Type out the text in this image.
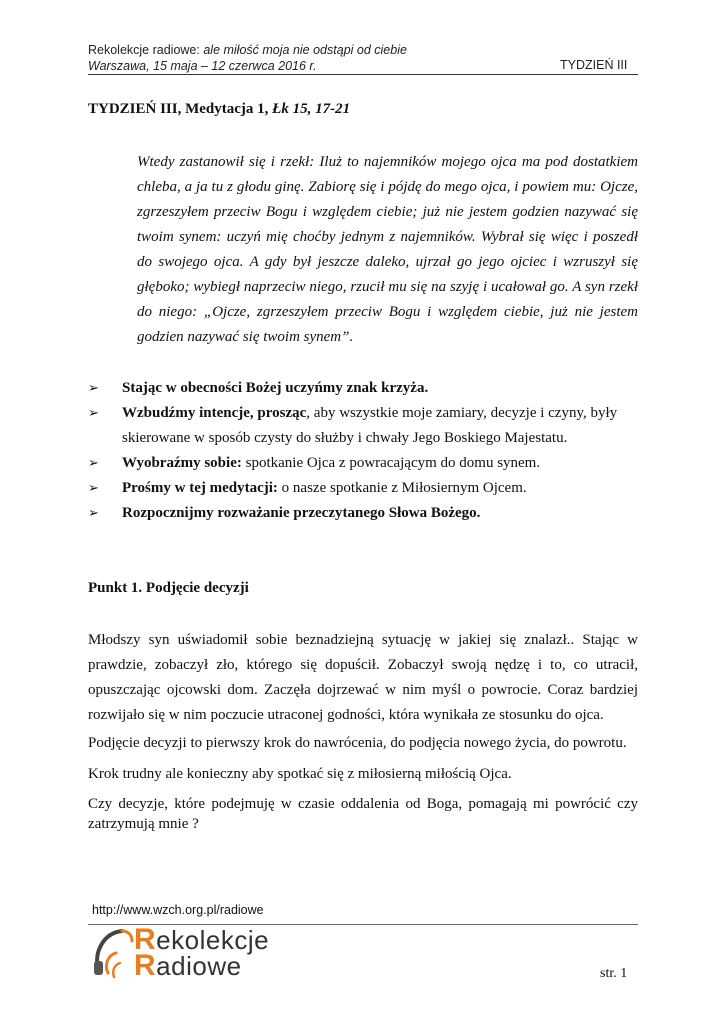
Rekolekcje radiowe: ale miłość moja nie odstąpi od ciebie
Warszawa, 15 maja – 12 czerwca 2016 r.	TYDZIEŃ III
TYDZIEŃ III, Medytacja 1, Łk 15, 17-21
Wtedy zastanowił się i rzekł: Iluż to najemników mojego ojca ma pod dostatkiem chleba, a ja tu z głodu ginę. Zabiorę się i pójdę do mego ojca, i powiem mu: Ojcze, zgrzeszyłem przeciw Bogu i względem ciebie; już nie jestem godzien nazywać się twoim synem: uczyń mię choćby jednym z najemników. Wybrał się więc i poszedł do swojego ojca. A gdy był jeszcze daleko, ujrzał go jego ojciec i wzruszył się głęboko; wybiegł naprzeciw niego, rzucił mu się na szyję i ucałował go. A syn rzekł do niego: „Ojcze, zgrzeszyłem przeciw Bogu i względem ciebie, już nie jestem godzien nazywać się twoim synem”.
➢ Stając w obecności Bożej uczyńmy znak krzyża.
➢ Wzbudźmy intencje, prosząc, aby wszystkie moje zamiary, decyzje i czyny, były skierowane w sposób czysty do służby i chwały Jego Boskiego Majestatu.
➢ Wyobraźmy sobie: spotkanie Ojca z powracającym do domu synem.
➢ Prośmy w tej medytacji: o nasze spotkanie z Miłosiernym Ojcem.
➢ Rozpocznijmy rozważanie przeczytanego Słowa Bożego.
Punkt 1. Podjęcie decyzji
Młodszy syn uświadomił sobie beznadziejną sytuację w jakiej się znalazł.. Stając w prawdzie, zobaczył zło, którego się dopuścił. Zobaczył swoją nędzę i to, co utracił, opuszczając ojcowski dom. Zaczęła dojrzewać w nim myśl o powrocie. Coraz bardziej rozwijało się w nim poczucie utraconej godności, która wynikała ze stosunku do ojca.
Podjęcie decyzji to pierwszy krok do nawrócenia, do podjęcia nowego życia, do powrotu.
Krok trudny ale konieczny aby spotkać się z miłosierną miłością Ojca.
Czy decyzje, które podejmuję w czasie oddalenia od Boga, pomagają mi powrócić czy zatrzymują mnie ?
http://www.wzch.org.pl/radiowe
Rekolekcje
Radiowe	str. 1
